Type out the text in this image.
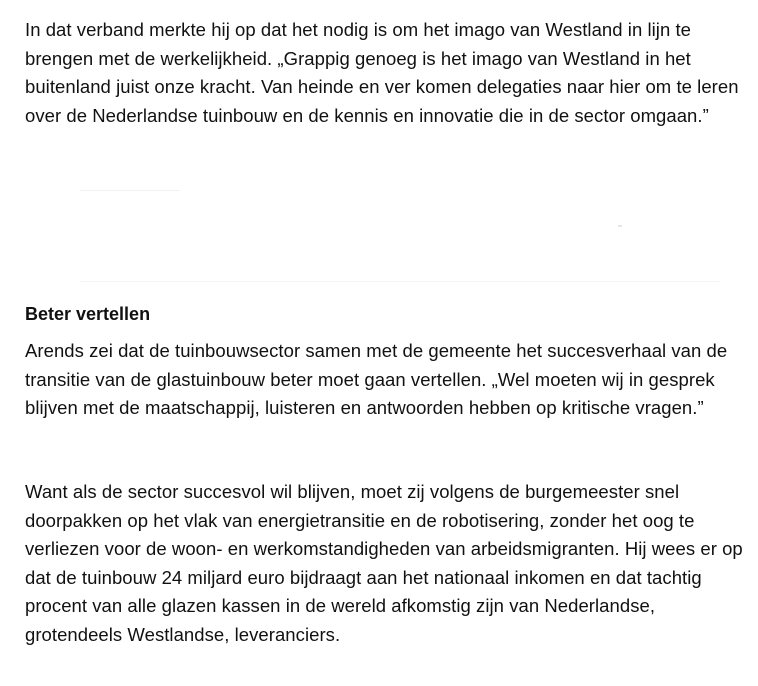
In dat verband merkte hij op dat het nodig is om het imago van Westland in lijn te brengen met de werkelijkheid. „Grappig genoeg is het imago van Westland in het buitenland juist onze kracht. Van heinde en ver komen delegaties naar hier om te leren over de Nederlandse tuinbouw en de kennis en innovatie die in de sector omgaan.”

Beter vertellen

Arends zei dat de tuinbouwsector samen met de gemeente het succesverhaal van de transitie van de glastuinbouw beter moet gaan vertellen. „Wel moeten wij in gesprek blijven met de maatschappij, luisteren en antwoorden hebben op kritische vragen.”

Want als de sector succesvol wil blijven, moet zij volgens de burgemeester snel doorpakken op het vlak van energietransitie en de robotisering, zonder het oog te verliezen voor de woon- en werkomstandigheden van arbeidsmigranten. Hij wees er op dat de tuinbouw 24 miljard euro bijdraagt aan het nationaal inkomen en dat tachtig procent van alle glazen kassen in de wereld afkomstig zijn van Nederlandse, grotendeels Westlandse, leveranciers.
